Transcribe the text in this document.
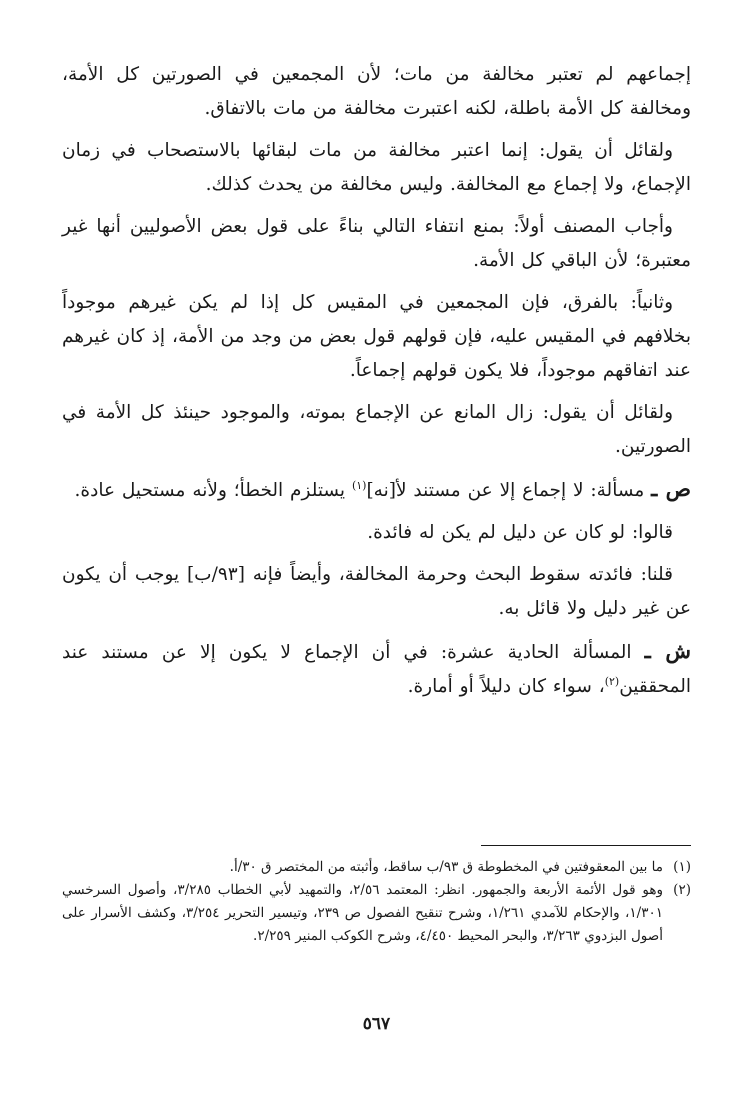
إجماعهم لم تعتبر مخالفة من مات؛ لأن المجمعين في الصورتين كل الأمة، ومخالفة كل الأمة باطلة، لكنه اعتبرت مخالفة من مات بالاتفاق.

ولقائل أن يقول: إنما اعتبر مخالفة من مات لبقائها بالاستصحاب في زمان الإجماع، ولا إجماع مع المخالفة. وليس مخالفة من يحدث كذلك.

وأجاب المصنف أولاً: بمنع انتفاء التالي بناءً على قول بعض الأصوليين أنها غير معتبرة؛ لأن الباقي كل الأمة.

وثانياً: بالفرق، فإن المجمعين في المقيس كل إذا لم يكن غيرهم موجوداً بخلافهم في المقيس عليه، فإن قولهم قول بعض من وجد من الأمة، إذ كان غيرهم عند اتفاقهم موجوداً، فلا يكون قولهم إجماعاً.

ولقائل أن يقول: زال المانع عن الإجماع بموته، والموجود حينئذ كل الأمة في الصورتين.

ص ـ مسألة: لا إجماع إلا عن مستند لأ[نه]$^{(١)}$ يستلزم الخطأ؛ ولأنه مستحيل عادة.

قالوا: لو كان عن دليل لم يكن له فائدة.

قلنا: فائدته سقوط البحث وحرمة المخالفة، وأيضاً فإنه [٩٣/ب] يوجب أن يكون عن غير دليل ولا قائل به.

ش ـ المسألة الحادية عشرة: في أن الإجماع لا يكون إلا عن مستند عند المحققين$^{(٢)}$، سواء كان دليلاً أو أمارة.

(١)
ما بين المعقوفتين في المخطوطة ق ٩٣/ب ساقط، وأثبته من المختصر ق ٣٠/أ.

(٢)
وهو قول الأئمة الأربعة والجمهور. انظر: المعتمد ٢/٥٦، والتمهيد لأبي الخطاب ٣/٢٨٥، وأصول السرخسي ١/٣٠١، والإحكام للآمدي ١/٢٦١، وشرح تنقيح الفصول ص ٢٣٩، وتيسير التحرير ٣/٢٥٤، وكشف الأسرار على أصول البزدوي ٣/٢٦٣، والبحر المحيط ٤/٤٥٠، وشرح الكوكب المنير ٢/٢٥٩.

٥٦٧
